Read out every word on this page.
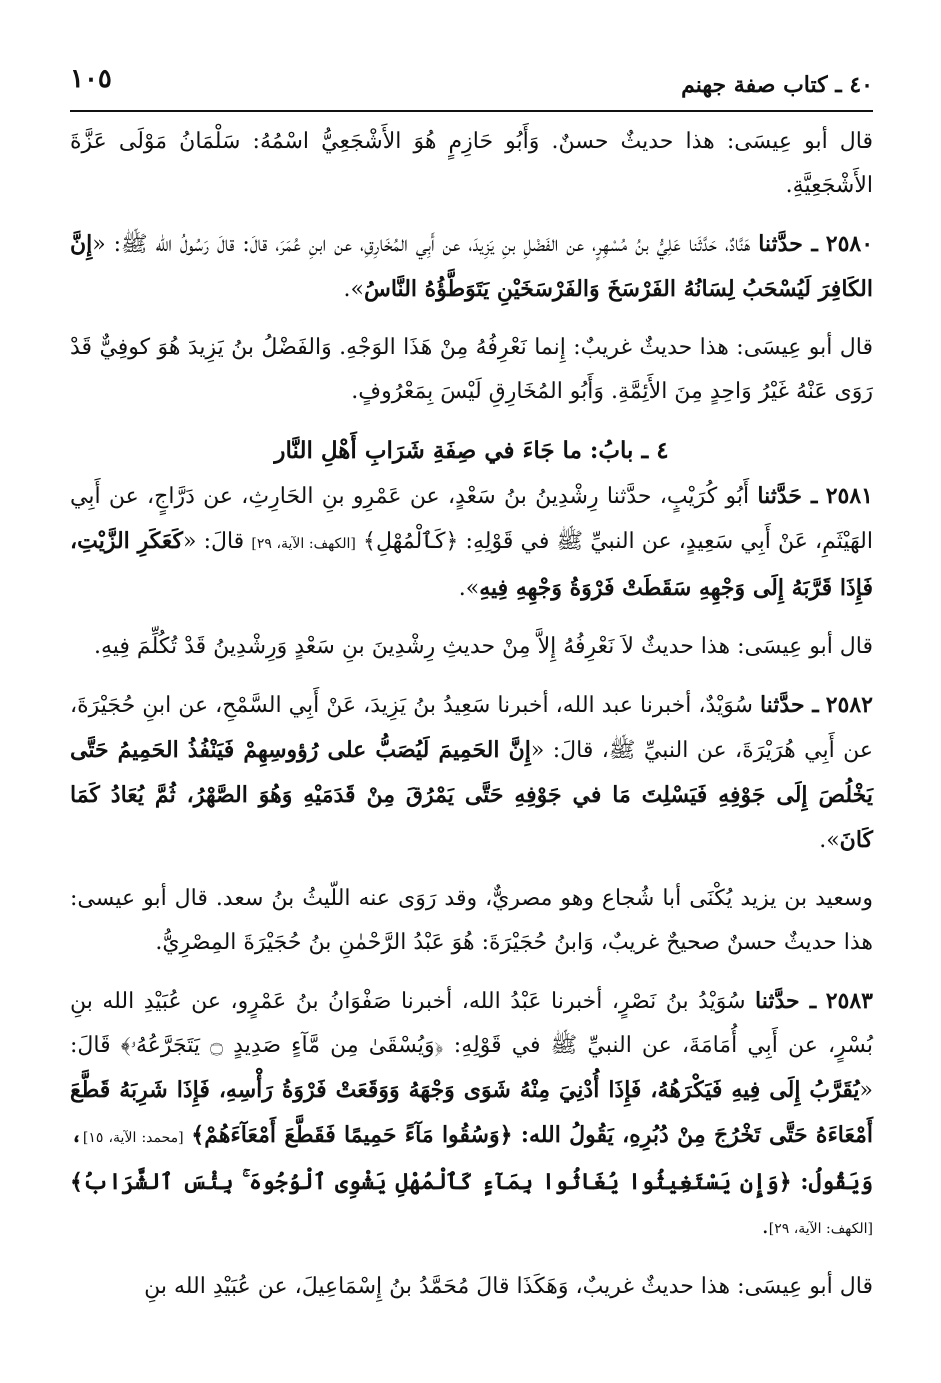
١٠٥	٤٠ ـ كتاب صفة جهنم

قال أبو عِيسَى: هذا حديثٌ حسنٌ. وَأَبُو حَازِمٍ هُوَ الأَشْجَعِيُّ اسْمُهُ: سَلْمَانُ مَوْلَى عَزَّةَ الأَشْجَعِيَّةِ.

٢٥٨٠ ـ حدَّثنا هَنَّادٌ، حَدَّثَنا عَلِيُّ بنُ مُسْهِرٍ، عن الفَضْلِ بنِ يَزِيدَ، عن أَبِي المُخَارِقِ، عن ابنِ عُمَرَ، قالَ: قالَ رَسُولُ الله ﷺ: «إِنَّ الكَافِرَ لَيُسْحَبُ لِسَانُهُ الفَرْسَخَ وَالفَرْسَخَيْنِ يَتَوَطَّؤُهُ النَّاسُ».

قال أبو عِيسَى: هذا حديثٌ غريبٌ: إِنما نَعْرِفُهُ مِنْ هَذَا الوَجْهِ. وَالفَضْلُ بنُ يَزِيدَ هُوَ كوفِيٌّ قَدْ رَوَى عَنْهُ غَيْرُ وَاحِدٍ مِنَ الأَئِمَّةِ. وَأَبُو المُخَارِقِ لَيْسَ بِمَعْرُوفٍ.

٤ ـ بابُ: ما جَاءَ في صِفَةِ شَرَابِ أَهْلِ النَّار

٢٥٨١ ـ حَدَّثنا أَبُو كُرَيْبٍ، حدَّثنا رِشْدِينُ بنُ سَعْدٍ، عن عَمْرِو بنِ الحَارِثِ، عن دَرَّاجٍ، عن أَبِي الهَيْثَمِ، عَنْ أَبِي سَعِيدٍ، عن النبيِّ ﷺ في قَوْلِهِ: ﴿كَٱلْمُهْلِ﴾ [الكهف: الآية، ٢٩] قالَ: «كَعَكَرِ الزَّيْتِ، فَإِذَا قَرَّبَهُ إِلَى وَجْهِهِ سَقَطَتْ فَرْوَةُ وَجْهِهِ فِيهِ».

قال أبو عِيسَى: هذا حديثٌ لاَ نَعْرِفُهُ إِلاَّ مِنْ حديثِ رِشْدِينَ بنِ سَعْدٍ وَرِشْدِينُ قَدْ تُكُلِّمَ فِيهِ.

٢٥٨٢ ـ حدَّثنا سُوَيْدٌ، أخبرنا عبد الله، أخبرنا سَعِيدُ بنُ يَزِيدَ، عَنْ أَبِي السَّمْحِ، عن ابنِ حُجَيْرَةَ، عن أَبِي هُرَيْرَةَ، عن النبيِّ ﷺ، قالَ: «إِنَّ الحَمِيمَ لَيُصَبُّ على رُؤوسِهِمْ فَيَنْفُذُ الحَمِيمُ حَتَّى يَخْلُصَ إِلَى جَوْفِهِ فَيَسْلِتَ مَا في جَوْفِهِ حَتَّى يَمْرُقَ مِنْ قَدَمَيْهِ وَهُوَ الصَّهْرُ، ثُمَّ يُعَادُ كَمَا كَانَ».

وسعيد بن يزيد يُكْنَى أبا شُجاع وهو مصريٌّ، وقد رَوَى عنه اللّيثُ بنُ سعد. قال أبو عيسى: هذا حديثٌ حسنٌ صحيحٌ غريبٌ، وَابنُ حُجَيْرَةَ: هُوَ عَبْدُ الرَّحْمٰنِ بنُ حُجَيْرَةَ المِصْرِيُّ.

٢٥٨٣ ـ حدَّثنا سُوَيْدُ بنُ نَصْرٍ، أخبرنا عَبْدُ الله، أخبرنا صَفْوَانُ بنُ عَمْرٍو، عن عُبَيْدِ الله بنِ بُسْرٍ، عن أَبِي أُمَامَةَ، عن النبيِّ ﷺ في قَوْلِهِ: ﴿وَيُسْقَىٰ مِن مَّآءٍ صَدِيدٍ ۝ يَتَجَرَّعُهُۥ﴾ قَالَ: «يُقَرَّبُ إِلَى فِيهِ فَيَكْرَهُهُ، فَإِذَا أُدْنِيَ مِنْهُ شَوَى وَجْهَهُ وَوَقَعَتْ فَرْوَةُ رَأْسِهِ، فَإِذَا شَرِبَهُ قَطَّعَ أَمْعَاءَهُ حَتَّى تَخْرُجَ مِنْ دُبُرِهِ، يَقُولُ الله: ﴿وَسُقُوا مَآءً حَمِيمًا فَقَطَّعَ أَمْعَآءَهُمْ﴾ [محمد: الآية، ١٥]، وَيَقُولُ: ﴿وَإِن يَسْتَغِيثُوا يُغَاثُوا بِمَآءٍ كَٱلْمُهْلِ يَشْوِى ٱلْوُجُوهَ ۚ بِئْسَ ٱلشَّرَابُ﴾ [الكهف: الآية، ٢٩].

قال أبو عِيسَى: هذا حديثٌ غريبٌ، وَهَكَذَا قالَ مُحَمَّدُ بنُ إِسْمَاعِيلَ، عن عُبَيْدِ الله بنِ
